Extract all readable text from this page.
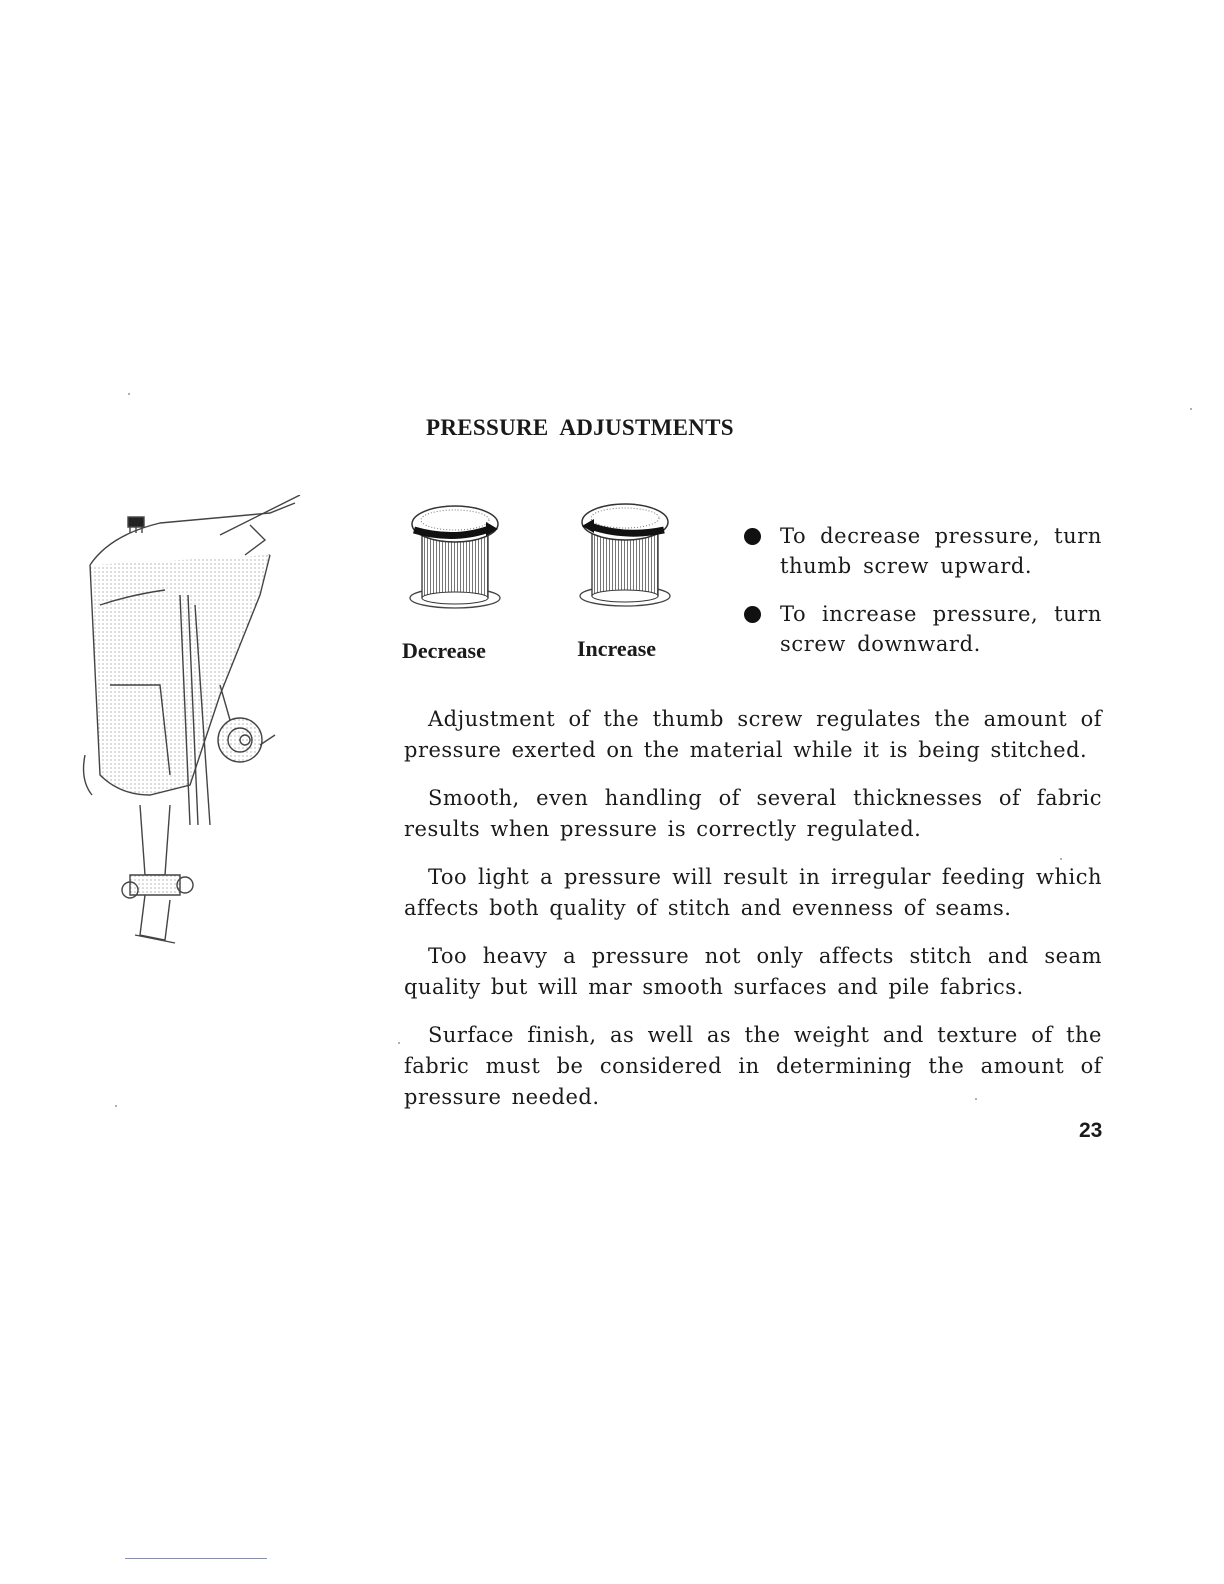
PRESSURE ADJUSTMENTS
Decrease	Increase
To decrease pressure, turn thumb screw upward.
To increase pressure, turn screw downward.

Adjustment of the thumb screw regulates the amount of pressure exerted on the material while it is being stitched.

Smooth, even handling of several thicknesses of fabric results when pressure is correctly regulated.

Too light a pressure will result in irregular feeding which affects both quality of stitch and evenness of seams.

Too heavy a pressure not only affects stitch and seam quality but will mar smooth surfaces and pile fabrics.

Surface finish, as well as the weight and texture of the fabric must be considered in determining the amount of pressure needed.

23
